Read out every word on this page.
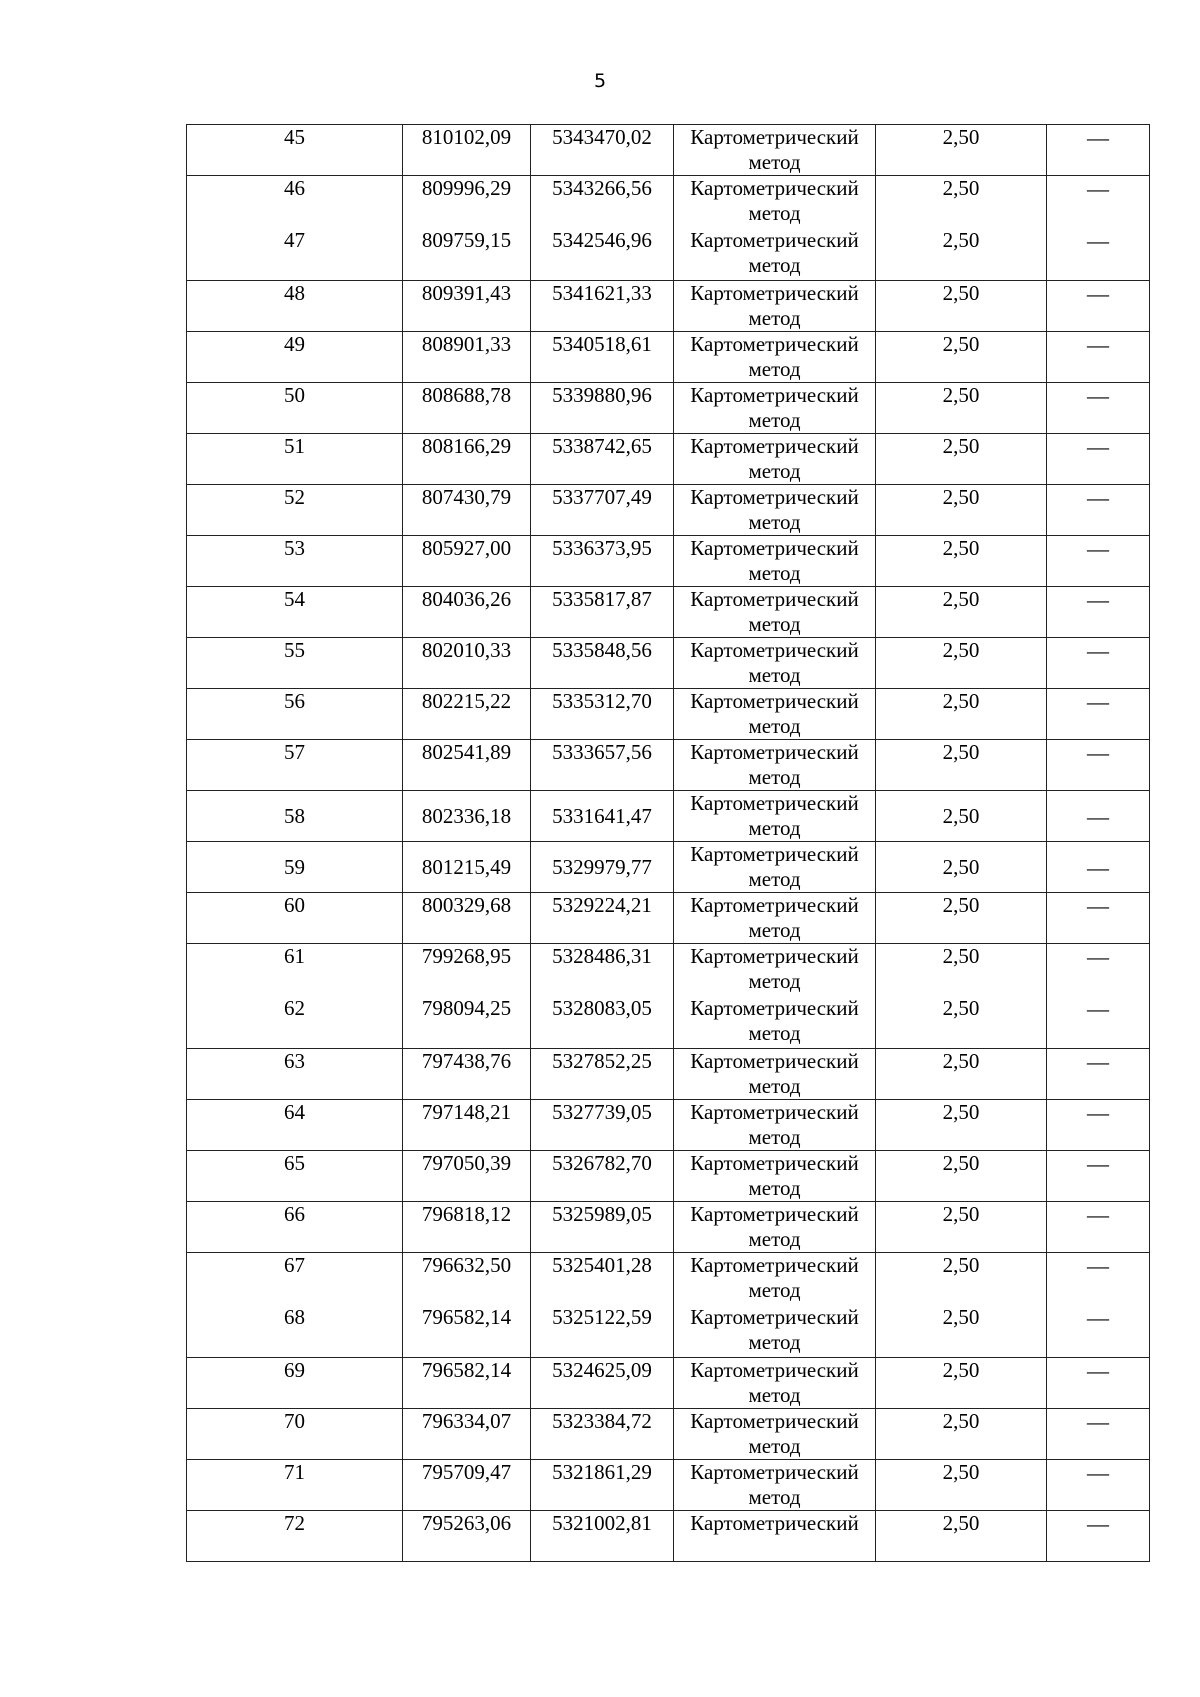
5
45	810102,09	5343470,02	Картометрический метод	2,50	—
46	809996,29	5343266,56	Картометрический метод	2,50	—
47	809759,15	5342546,96	Картометрический метод	2,50	—
48	809391,43	5341621,33	Картометрический метод	2,50	—
49	808901,33	5340518,61	Картометрический метод	2,50	—
50	808688,78	5339880,96	Картометрический метод	2,50	—
51	808166,29	5338742,65	Картометрический метод	2,50	—
52	807430,79	5337707,49	Картометрический метод	2,50	—
53	805927,00	5336373,95	Картометрический метод	2,50	—
54	804036,26	5335817,87	Картометрический метод	2,50	—
55	802010,33	5335848,56	Картометрический метод	2,50	—
56	802215,22	5335312,70	Картометрический метод	2,50	—
57	802541,89	5333657,56	Картометрический метод	2,50	—
58	802336,18	5331641,47	Картометрический метод	2,50	—
59	801215,49	5329979,77	Картометрический метод	2,50	—
60	800329,68	5329224,21	Картометрический метод	2,50	—
61	799268,95	5328486,31	Картометрический метод	2,50	—
62	798094,25	5328083,05	Картометрический метод	2,50	—
63	797438,76	5327852,25	Картометрический метод	2,50	—
64	797148,21	5327739,05	Картометрический метод	2,50	—
65	797050,39	5326782,70	Картометрический метод	2,50	—
66	796818,12	5325989,05	Картометрический метод	2,50	—
67	796632,50	5325401,28	Картометрический метод	2,50	—
68	796582,14	5325122,59	Картометрический метод	2,50	—
69	796582,14	5324625,09	Картометрический метод	2,50	—
70	796334,07	5323384,72	Картометрический метод	2,50	—
71	795709,47	5321861,29	Картометрический метод	2,50	—
72	795263,06	5321002,81	Картометрический	2,50	—
